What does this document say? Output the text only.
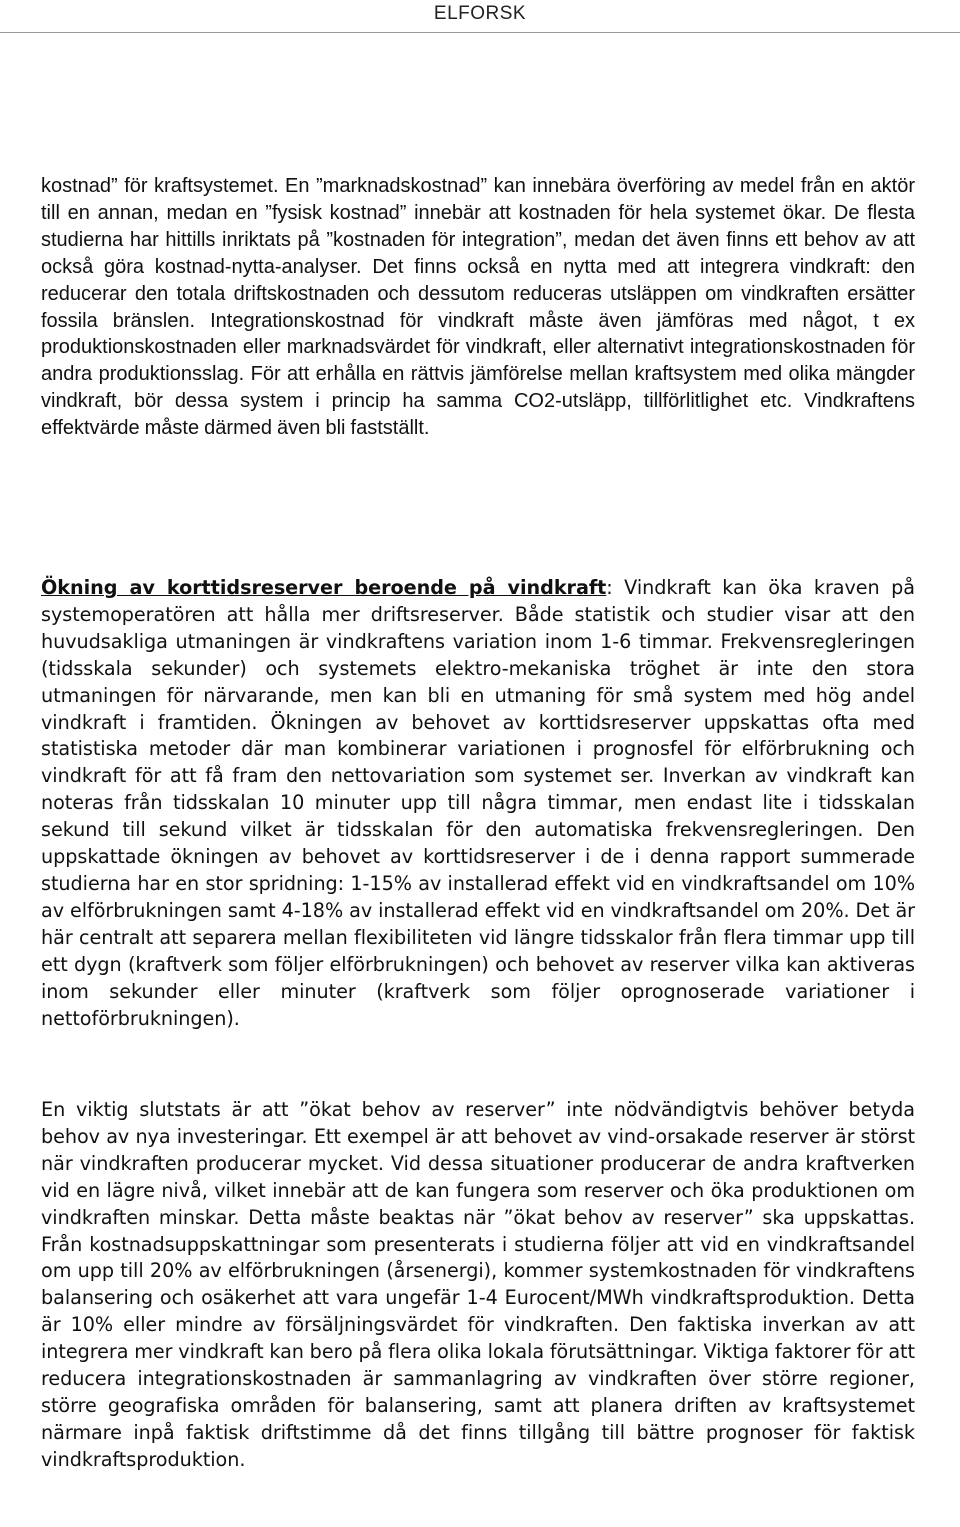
ELFORSK

kostnad” för kraftsystemet. En ”marknadskostnad” kan innebära överföring av medel från en aktör till en annan, medan en ”fysisk kostnad” innebär att kostnaden för hela systemet ökar. De flesta studierna har hittills inriktats på ”kostnaden för integration”, medan det även finns ett behov av att också göra kostnad-nytta-analyser. Det finns också en nytta med att integrera vindkraft: den reducerar den totala driftskostnaden och dessutom reduceras utsläppen om vindkraften ersätter fossila bränslen. Integrationskostnad för vindkraft måste även jämföras med något, t ex produktionskostnaden eller marknadsvärdet för vindkraft, eller alternativt integrationskostnaden för andra produktionsslag. För att erhålla en rättvis jämförelse mellan kraftsystem med olika mängder vindkraft, bör dessa system i princip ha samma CO2-utsläpp, tillförlitlighet etc. Vindkraftens effektvärde måste därmed även bli fastställt.

Ökning av korttidsreserver beroende på vindkraft: Vindkraft kan öka kraven på systemoperatören att hålla mer driftsreserver. Både statistik och studier visar att den huvudsakliga utmaningen är vindkraftens variation inom 1-6 timmar. Frekvensregleringen (tidsskala sekunder) och systemets elektro-mekaniska tröghet är inte den stora utmaningen för närvarande, men kan bli en utmaning för små system med hög andel vindkraft i framtiden. Ökningen av behovet av korttidsreserver uppskattas ofta med statistiska metoder där man kombinerar variationen i prognosfel för elförbrukning och vindkraft för att få fram den nettovariation som systemet ser. Inverkan av vindkraft kan noteras från tidsskalan 10 minuter upp till några timmar, men endast lite i tidsskalan sekund till sekund vilket är tidsskalan för den automatiska frekvensregleringen. Den uppskattade ökningen av behovet av korttidsreserver i de i denna rapport summerade studierna har en stor spridning: 1-15% av installerad effekt vid en vindkraftsandel om 10% av elförbrukningen samt 4-18% av installerad effekt vid en vindkraftsandel om 20%. Det är här centralt att separera mellan flexibiliteten vid längre tidsskalor från flera timmar upp till ett dygn (kraftverk som följer elförbrukningen) och behovet av reserver vilka kan aktiveras inom sekunder eller minuter (kraftverk som följer oprognoserade variationer i nettoförbrukningen).

En viktig slutstats är att ”ökat behov av reserver” inte nödvändigtvis behöver betyda behov av nya investeringar. Ett exempel är att behovet av vind-orsakade reserver är störst när vindkraften producerar mycket. Vid dessa situationer producerar de andra kraftverken vid en lägre nivå, vilket innebär att de kan fungera som reserver och öka produktionen om vindkraften minskar. Detta måste beaktas när ”ökat behov av reserver” ska uppskattas. Från kostnadsuppskattningar som presenterats i studierna följer att vid en vindkraftsandel om upp till 20% av elförbrukningen (årsenergi), kommer systemkostnaden för vindkraftens balansering och osäkerhet att vara ungefär 1-4 Eurocent/MWh vindkraftsproduktion. Detta är 10% eller mindre av försäljningsvärdet för vindkraften. Den faktiska inverkan av att integrera mer vindkraft kan bero på flera olika lokala förutsättningar. Viktiga faktorer för att reducera integrationskostnaden är sammanlagring av vindkraften över större regioner, större geografiska områden för balansering, samt att planera driften av kraftsystemet närmare inpå faktisk driftstimme då det finns tillgång till bättre prognoser för faktisk vindkraftsproduktion.
